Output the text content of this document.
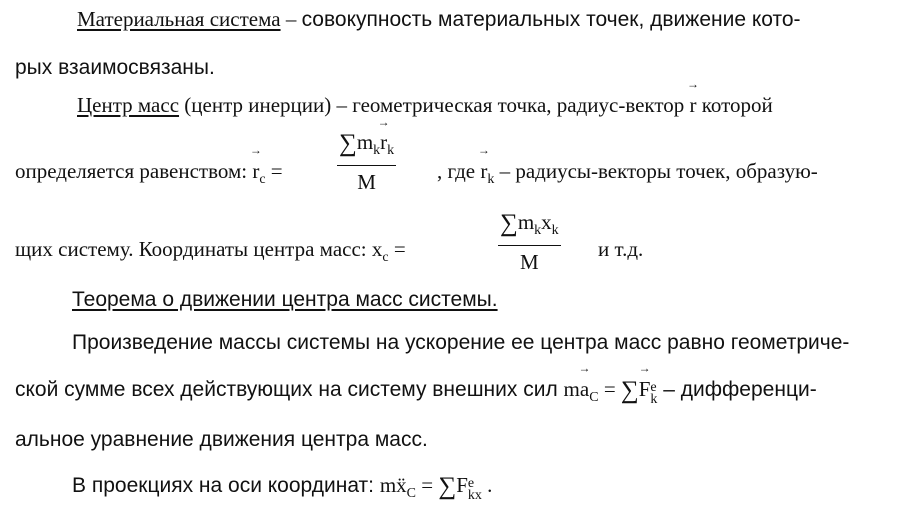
Материальная система – совокупность материальных точек, движение кото-
рых взаимосвязаны.
Центр масс (центр инерции) – геометрическая точка, радиус-вектор → r которой
определяется равенством: → $r_c$ =
$\sum m_k\to r_k$
M	, где → $r_k$ – радиусы-векторы точек, образую-
щих систему. Координаты центра масс: $x_c$ =
$\sum m_kx_k$
M
и т.д.
Теорема о движении центра масс системы.
Произведение массы системы на ускорение ее центра масс равно геометриче-
ской сумме всех действующих на систему внешних сил $m\to a_C$ = ∑→ F e
k – дифференци-
альное уравнение движения центра масс.
В проекциях на оси координат: mẍ$_C$ = ∑F e
kx .
